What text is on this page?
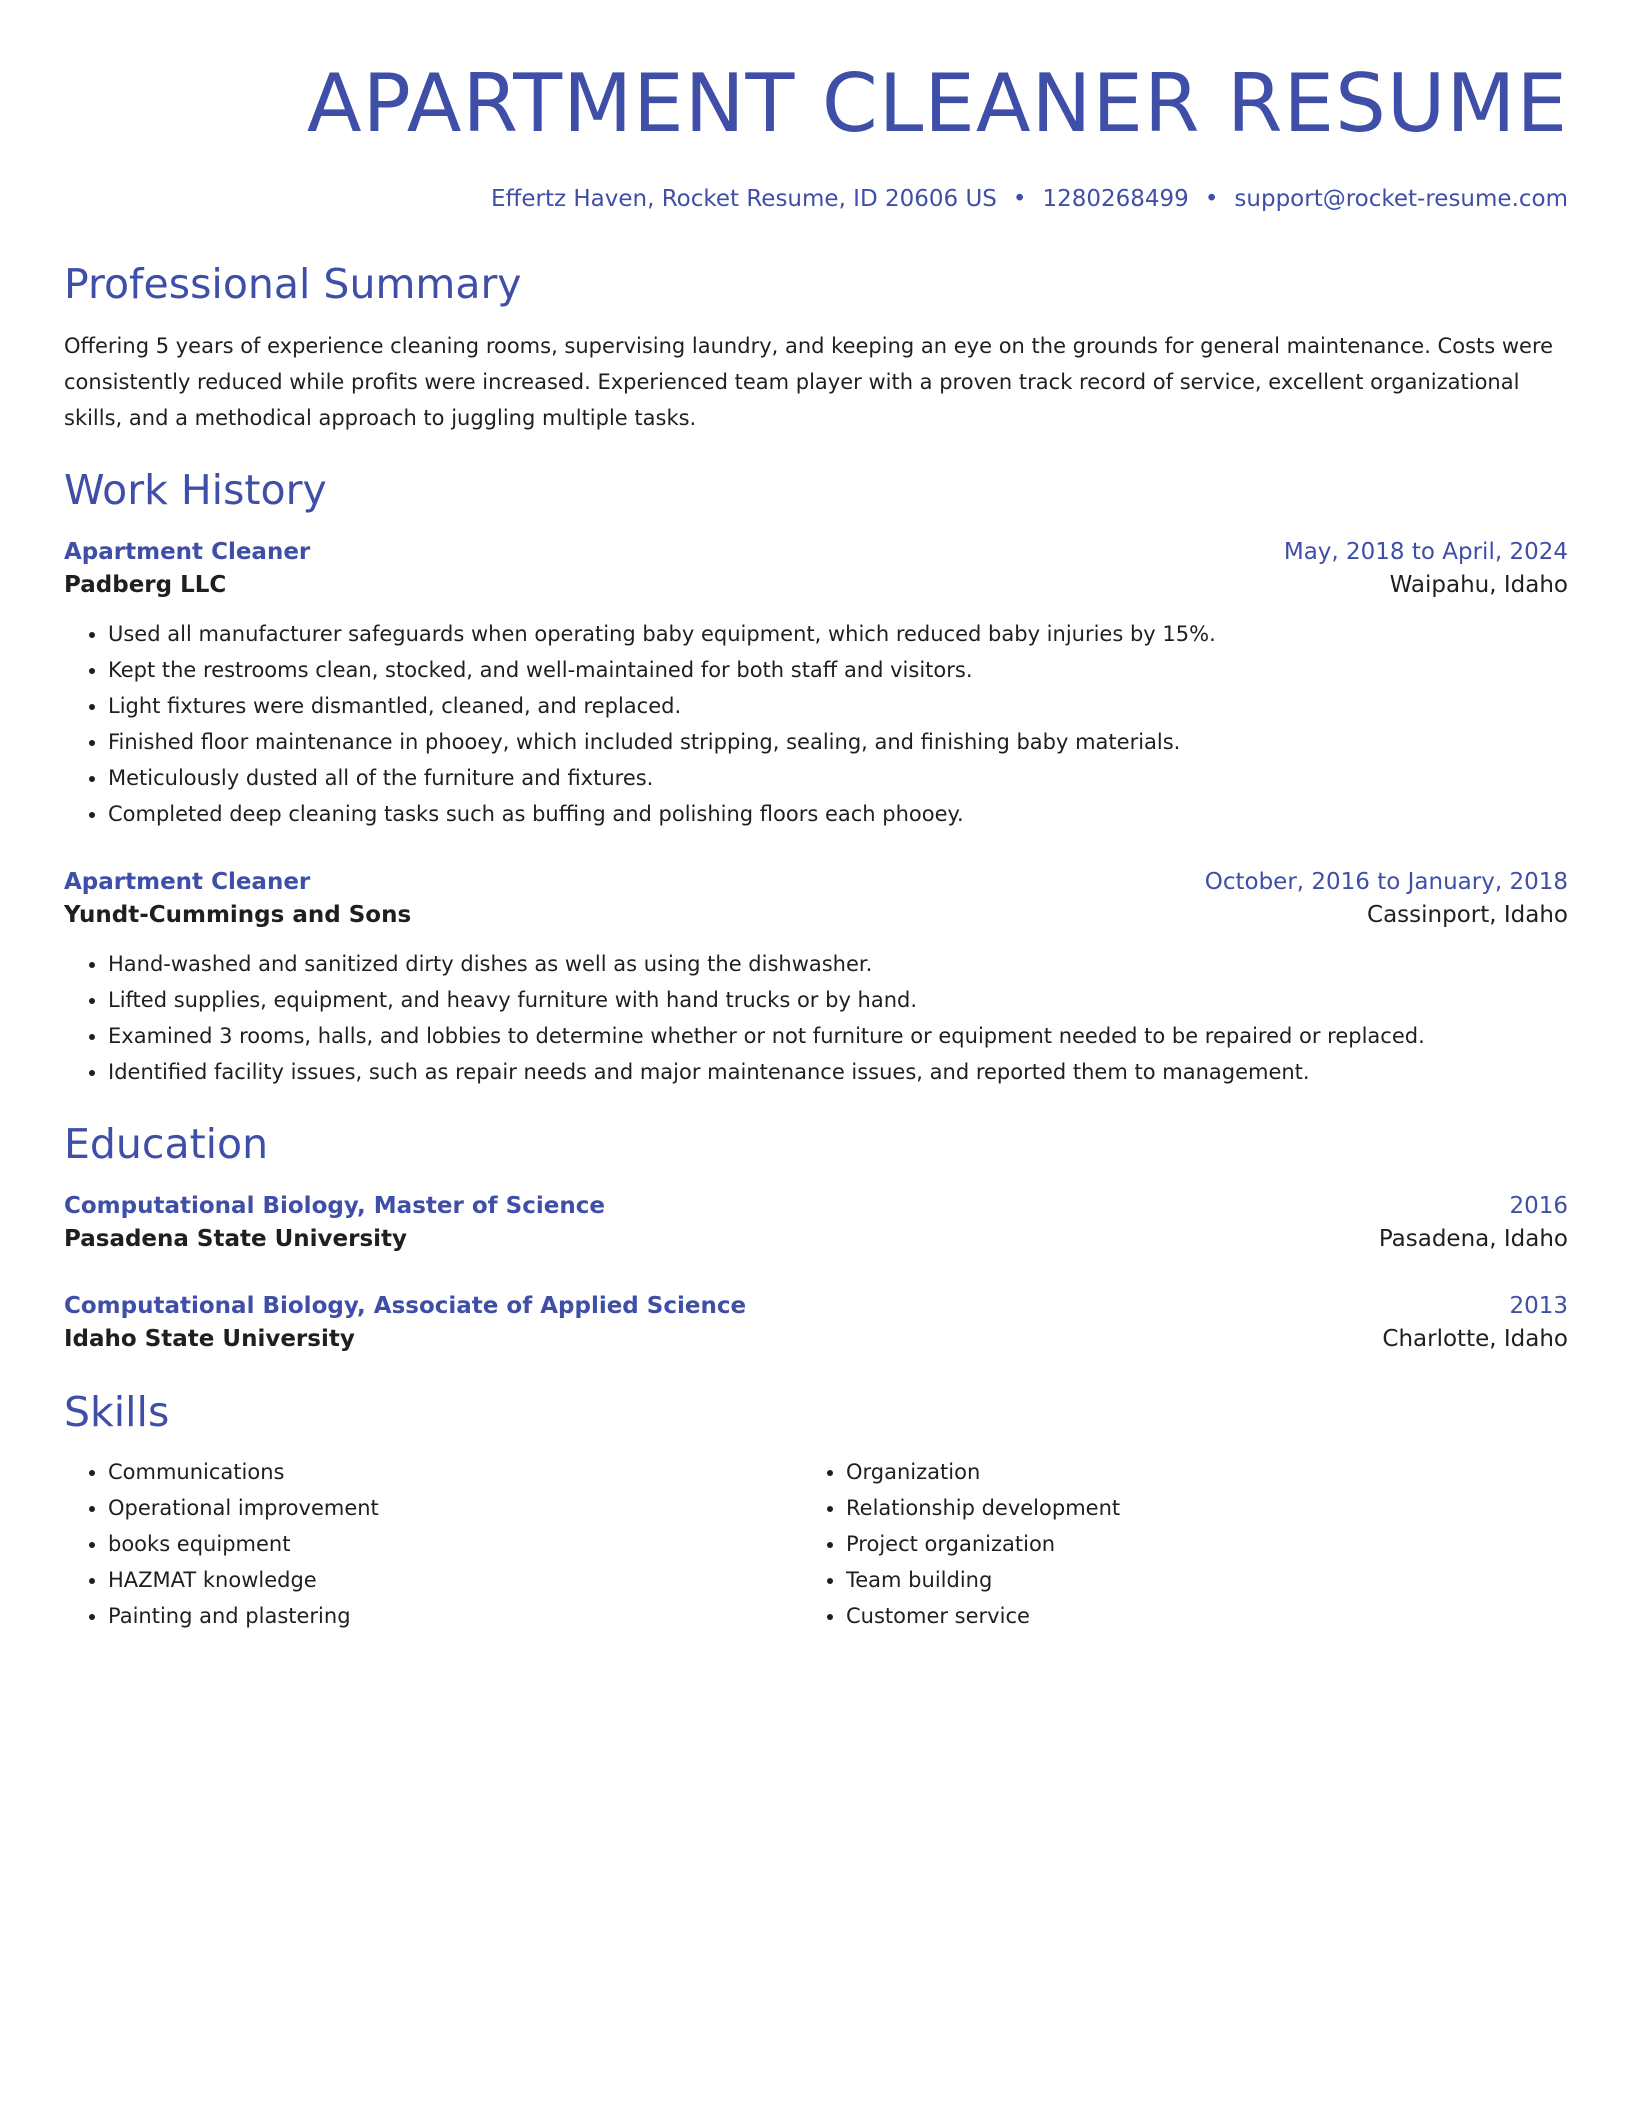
APARTMENT CLEANER RESUME
Effertz Haven, Rocket Resume, ID 20606 US • 1280268499 • support@rocket-resume.com
Professional Summary
Offering 5 years of experience cleaning rooms, supervising laundry, and keeping an eye on the grounds for general maintenance. Costs were consistently reduced while profits were increased. Experienced team player with a proven track record of service, excellent organizational skills, and a methodical approach to juggling multiple tasks.
Work History
Apartment Cleaner	May, 2018 to April, 2024
Padberg LLC	Waipahu, Idaho
• Used all manufacturer safeguards when operating baby equipment, which reduced baby injuries by 15%.
• Kept the restrooms clean, stocked, and well-maintained for both staff and visitors.
• Light fixtures were dismantled, cleaned, and replaced.
• Finished floor maintenance in phooey, which included stripping, sealing, and finishing baby materials.
• Meticulously dusted all of the furniture and fixtures.
• Completed deep cleaning tasks such as buffing and polishing floors each phooey.
Apartment Cleaner	October, 2016 to January, 2018
Yundt-Cummings and Sons	Cassinport, Idaho
• Hand-washed and sanitized dirty dishes as well as using the dishwasher.
• Lifted supplies, equipment, and heavy furniture with hand trucks or by hand.
• Examined 3 rooms, halls, and lobbies to determine whether or not furniture or equipment needed to be repaired or replaced.
• Identified facility issues, such as repair needs and major maintenance issues, and reported them to management.
Education
Computational Biology, Master of Science	2016
Pasadena State University	Pasadena, Idaho
Computational Biology, Associate of Applied Science	2013
Idaho State University	Charlotte, Idaho
Skills
• Communications
• Operational improvement
• books equipment
• HAZMAT knowledge
• Painting and plastering
• Organization
• Relationship development
• Project organization
• Team building
• Customer service
